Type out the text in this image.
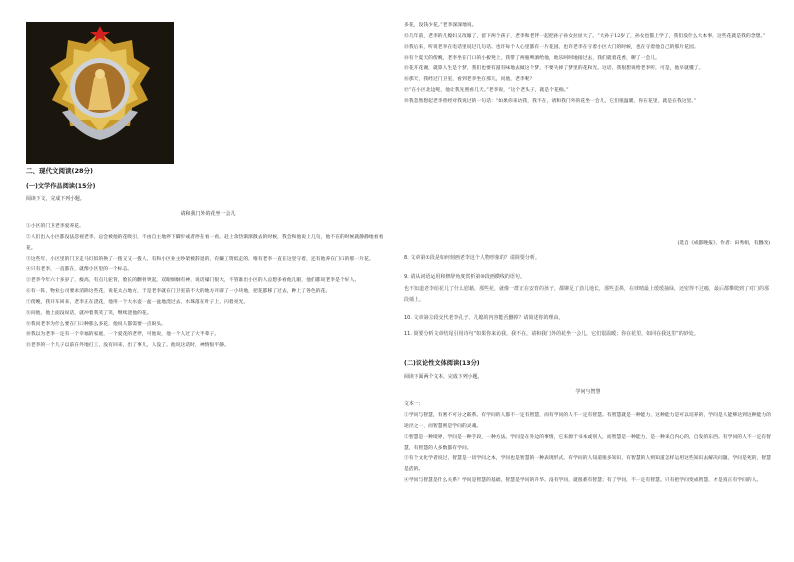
二、现代文阅读(28分)
(一)文学作品阅读(15分)
阅读下文，完成下列小题。
请和我门外的花坐一会儿

①小区的门卫老李爱养花。

②人们出入小区都没法忽视老李，总会被他的花吸引，不由自主地停下脚步或者停在看一看。赶上余热渐渐散去的时候，我会和他说上几句，他不在的时候就静静地看看花。

③这些年，小区里的门卫走马灯似的换了一拨又又一拨人，有和小区业主吵架被辞退的，有嫌工资低走的，唯有老李一直在这里守着，还有他养在门口的那一片花。

④只有老李，一直都在，就像小区里的一个标志。

⑤老李今年六十多岁了，瘦高，有点儿驼背，脸长的颧骨突起，双眼炯炯有神，说话嗓门很大，不管谁出小区的人总想多看他几眼，他们都说老李是个好人。

⑥有一阵，物业公司要求消除这些花，说花太占地方，于是老李就在门卫室前不大的地方开辟了一小块地，把花都移了过去，种上了各色的花。

⑦傍晚，我开车回来，老李正在浇花，他用一个大水壶一盆一盆地浇过去，水珠落在叶子上，闪着亮光。

⑧问他，他上面没说话，就冲着我笑了笑，继续浇他的花。

⑨我问老李为什么要在门口种那么多花，他说人都需要一点盼头。

⑩我以为老李一定有一个幸福的家庭，一个爱花的老伴，可他说，他一个人过了大半辈子。

⑪老李的一个儿子以前在外地打工，没有回来，出了事儿，人没了。他说这话时，神情很平静。

多花，没钱少花。”老李深深地说。

⑫几年前，老李的儿媳妇又改嫁了，留下两个孩子，老李和老伴一起把孙子孙女拉扯大了。“大孙子12岁了，孙女也都上学了，我们没什么大本事，这些花就是我的念想。”

⑬我后来，听说老李在电话里说过几句话。也许每个人心里都有一片花园，也许老李在守着小区大门的时候，也在守着他自己的那片花园。

⑭有个夏天的傍晚，老李坐在门口的小板凳上，我带了两瓶啤酒给他，他乐呵呵地接过去，我们就着花香，聊了一会儿。

⑮花开花谢，就算人生是个梦，我们也要有滋有味地去做这个梦，不要失掉了梦里的花和光。这话，我很想说给老李听，可是，他早就懂了。

⑯那天，我经过门卫室，看到老李坐在那儿，问他，老李呢？

⑰“在小区北边呢，他让我先照看几天。”老李说，“这个老头子，就是个花痴。”

⑱我忽然想起老李曾经对我说过的一句话：“如果你来访我，我不在，请和我门外的花坐一会儿，它们很温暖，你在花里，就是在我这里。”

(选自《成都晚报》，作者：田秀娟，有删改)
8. 文章第①段是如何刻画老李这个人物形象的？请简要分析。
9. 请从词语运用和修辞角度赏析第⑩段画横线的语句。
也不知道老李给花儿了什么慰藉，那些花，就像一群正在安育的孩子，都铆足了劲儿地长，那些歪鼻，在球晴最上缓缓抽绿，还密得不过瘾，最后都攀爬到了对门的那段墙上。
10. 文章第⑫段交代老李孔子、儿媳的内容能否删掉？请简述你的理由。
11. 简要分析文章结尾引用诗句“如果你来访我，我不在，请和我门外的花坐一会儿，它们很温暖；你在花里，如同在我这里”的妙处。
(二)议论性文体阅读(13分)
阅读下面两个文本，完成下列小题。
学问与智慧
文本一：

①学问与智慧，有密不可分之联系。有学问的人都不一定有智慧，而有学问的人不一定有智慧。有智慧就是一种能力，这种能力是可以培养的，学问是人能够达到这种能力的途径之一，而智慧则是学问的灵魂。

②智慧是一种境界，学问是一种手段，一种方法。学问是在外边的事情，它来源于书本或别人，而智慧是一种能力，是一种来自内心的，自发的东西。有学问的人不一定有智慧，有智慧的人多数都有学问。

③有个文化学者说过，智慧是一切学问之本，学问也是智慧的一种表现形式。有学问的人知道很多知识，有智慧的人则知道怎样运用这些知识去解决问题。学问是死的，智慧是活的。

④学问与智慧是什么关系？学问是智慧的基础，智慧是学问的升华。没有学问，就很难有智慧；有了学问，不一定有智慧。只有把学问变成智慧，才是真正有学问的人。
